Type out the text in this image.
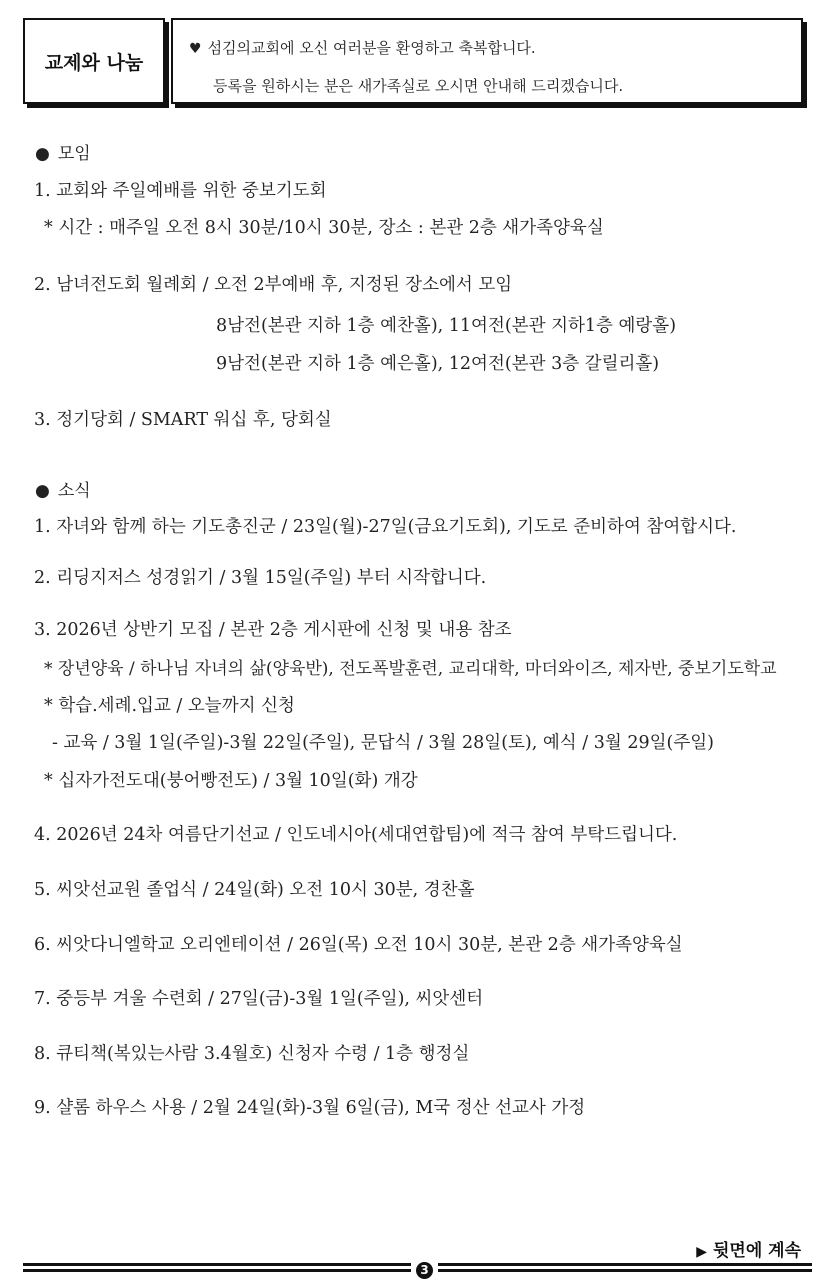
교제와 나눔
♥ 섬김의교회에 오신 여러분을 환영하고 축복합니다.
등록을 원하시는 분은 새가족실로 오시면 안내해 드리겠습니다.
● 모임
1. 교회와 주일예배를 위한 중보기도회
* 시간 : 매주일 오전 8시 30분/10시 30분, 장소 : 본관 2층 새가족양육실
2. 남녀전도회 월례회 / 오전 2부예배 후, 지정된 장소에서 모임
8남전(본관 지하 1층 예찬홀), 11여전(본관 지하1층 예랑홀)
9남전(본관 지하 1층 예은홀), 12여전(본관 3층 갈릴리홀)
3. 정기당회 / SMART 워십 후, 당회실
● 소식
1. 자녀와 함께 하는 기도총진군 / 23일(월)-27일(금요기도회), 기도로 준비하여 참여합시다.
2. 리딩지저스 성경읽기 / 3월 15일(주일) 부터 시작합니다.
3. 2026년 상반기 모집 / 본관 2층 게시판에 신청 및 내용 참조
* 장년양육 / 하나님 자녀의 삶(양육반), 전도폭발훈련, 교리대학, 마더와이즈, 제자반, 중보기도학교
* 학습.세례.입교 / 오늘까지 신청
- 교육 / 3월 1일(주일)-3월 22일(주일), 문답식 / 3월 28일(토), 예식 / 3월 29일(주일)
* 십자가전도대(붕어빵전도) / 3월 10일(화) 개강
4. 2026년 24차 여름단기선교 / 인도네시아(세대연합팀)에 적극 참여 부탁드립니다.
5. 씨앗선교원 졸업식 / 24일(화) 오전 10시 30분, 경찬홀
6. 씨앗다니엘학교 오리엔테이션 / 26일(목) 오전 10시 30분, 본관 2층 새가족양육실
7. 중등부 겨울 수련회 / 27일(금)-3월 1일(주일), 씨앗센터
8. 큐티책(복있는사람 3.4월호) 신청자 수령 / 1층 행정실
9. 샬롬 하우스 사용 / 2월 24일(화)-3월 6일(금), M국 정산 선교사 가정
▶ 뒷면에 계속
3
